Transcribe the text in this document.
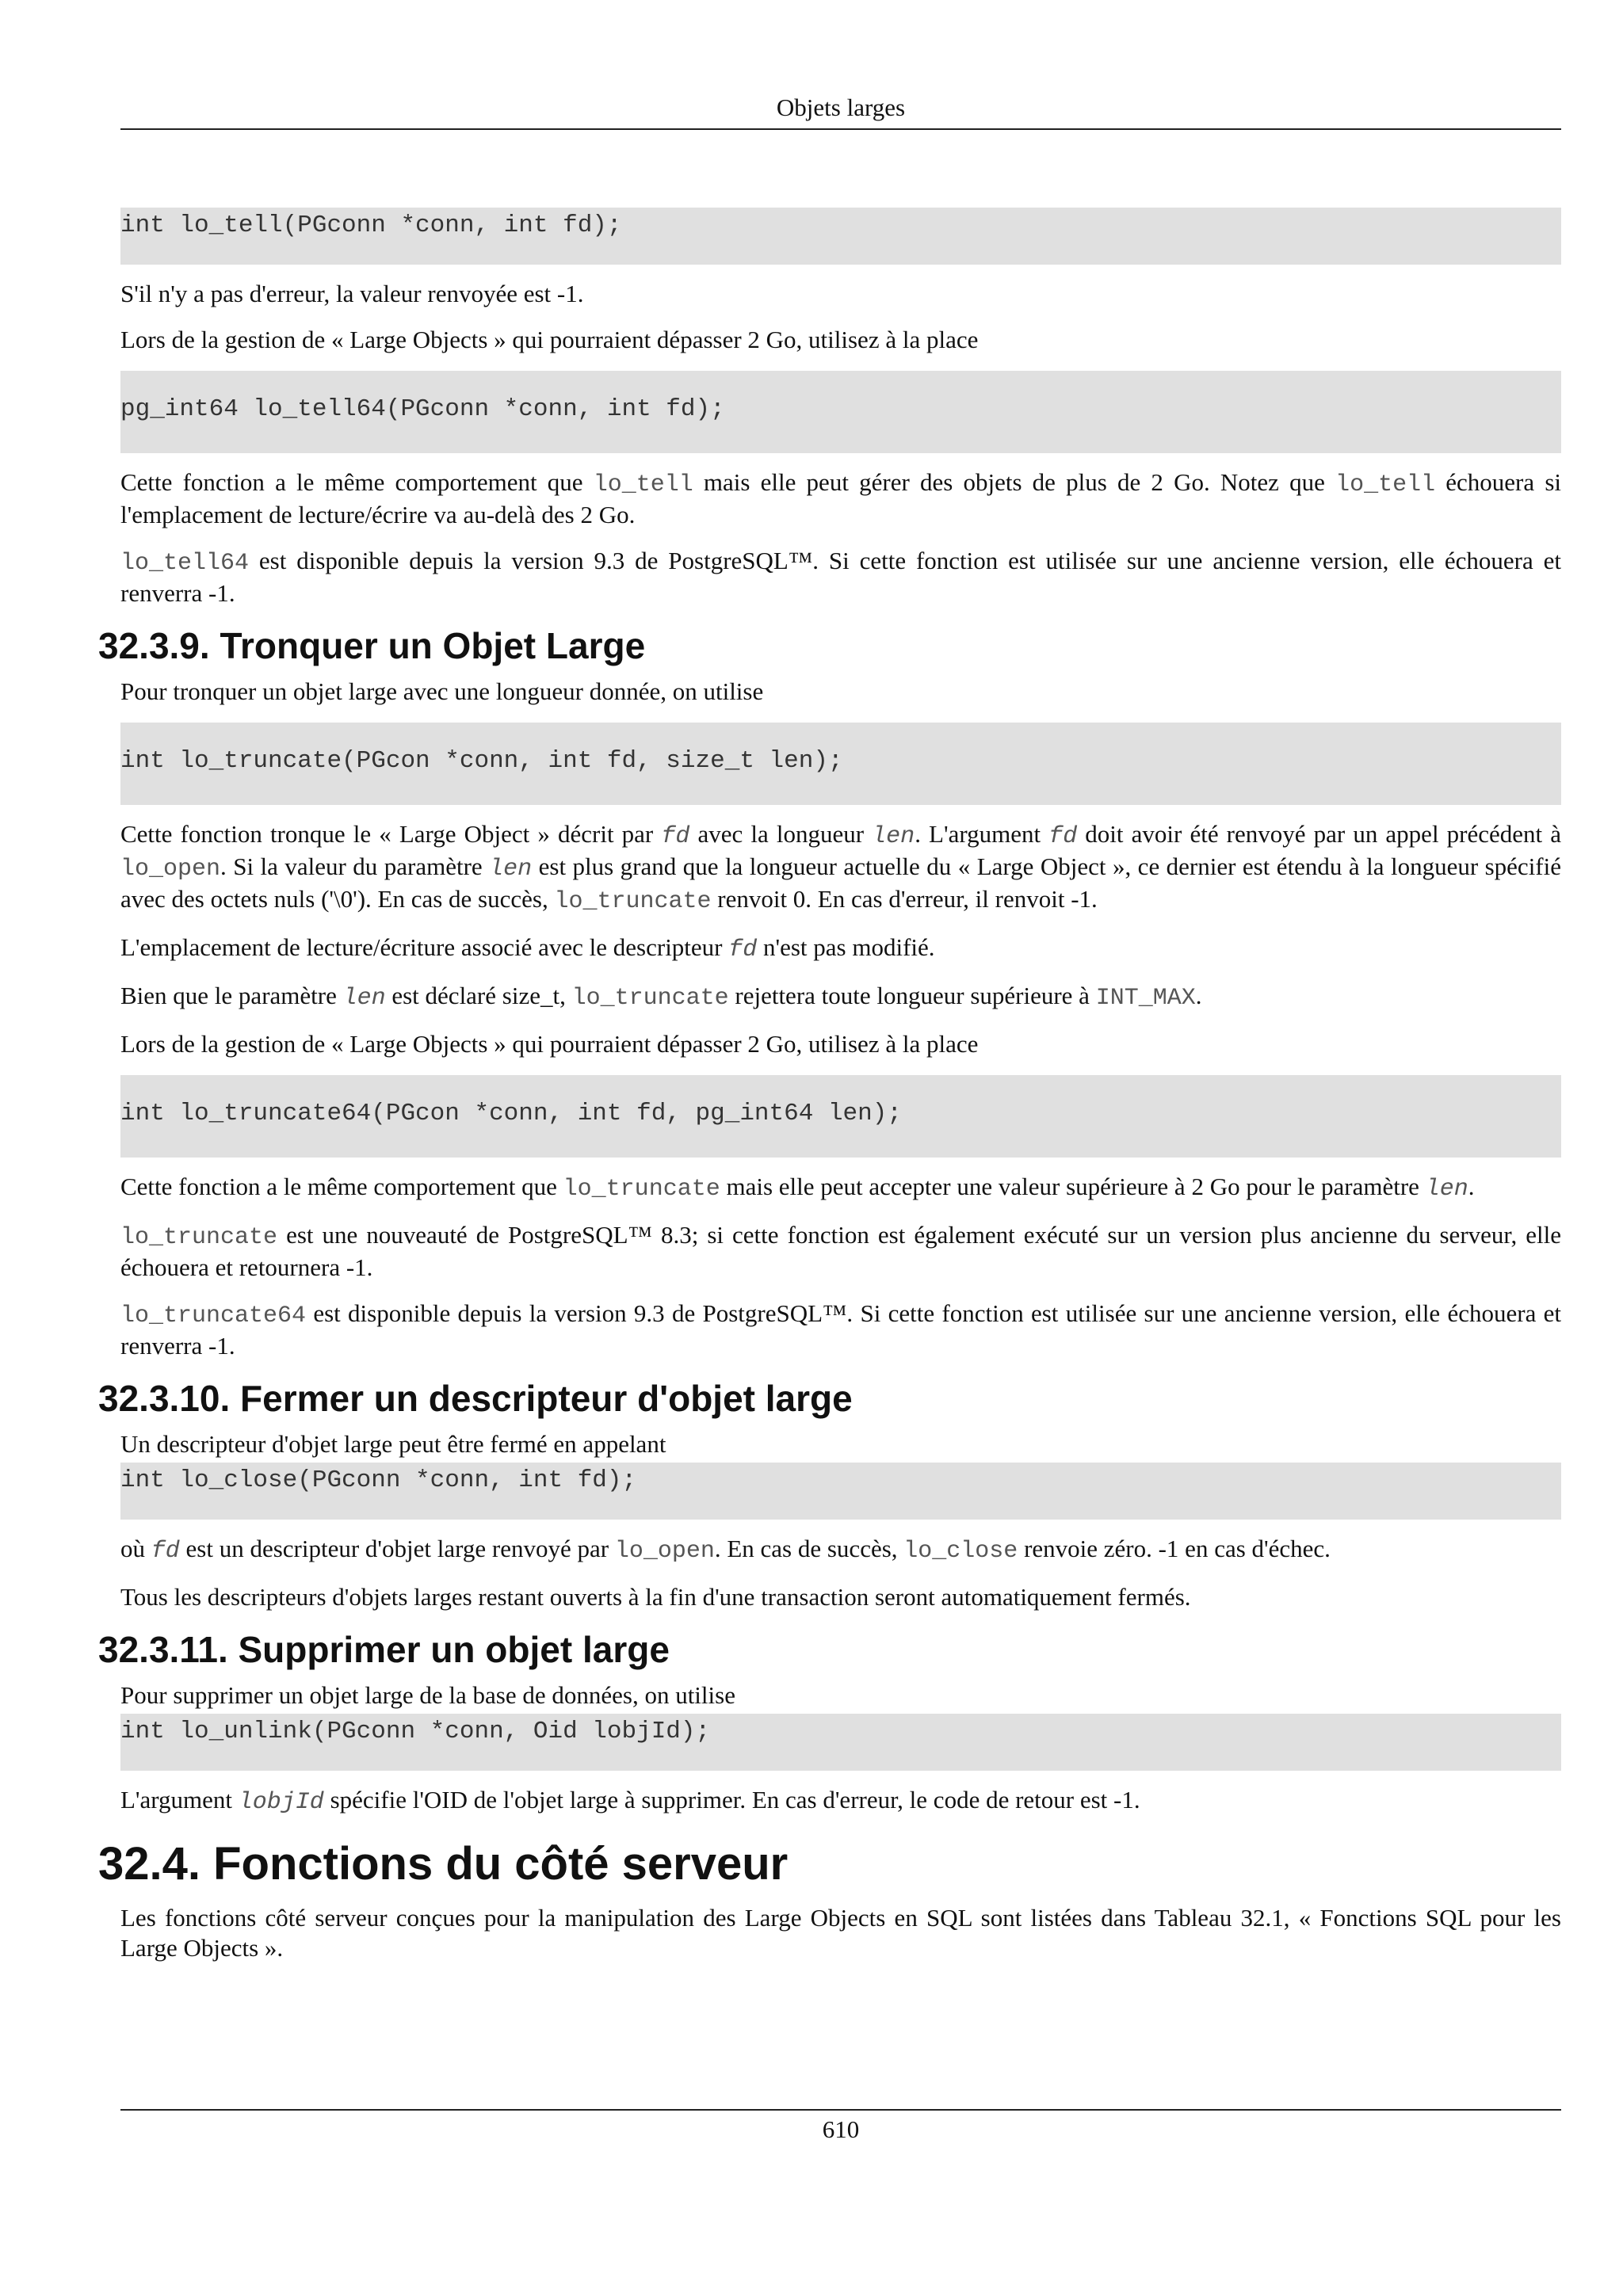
Objets larges
int lo_tell(PGconn *conn, int fd);

S'il n'y a pas d'erreur, la valeur renvoyée est -1.

Lors de la gestion de « Large Objects » qui pourraient dépasser 2 Go, utilisez à la place

pg_int64 lo_tell64(PGconn *conn, int fd);

Cette fonction a le même comportement que lo_tell mais elle peut gérer des objets de plus de 2 Go. Notez que lo_tell échouera si l'emplacement de lecture/écrire va au-delà des 2 Go.

lo_tell64 est disponible depuis la version 9.3 de PostgreSQL™. Si cette fonction est utilisée sur une ancienne version, elle échouera et renverra -1.

32.3.9. Tronquer un Objet Large

Pour tronquer un objet large avec une longueur donnée, on utilise

int lo_truncate(PGcon *conn, int fd, size_t len);

Cette fonction tronque le « Large Object » décrit par fd avec la longueur len. L'argument fd doit avoir été renvoyé par un appel précédent à lo_open. Si la valeur du paramètre len est plus grand que la longueur actuelle du « Large Object », ce dernier est étendu à la longueur spécifié avec des octets nuls ('\0'). En cas de succès, lo_truncate renvoit 0. En cas d'erreur, il renvoit -1.

L'emplacement de lecture/écriture associé avec le descripteur fd n'est pas modifié.

Bien que le paramètre len est déclaré size_t, lo_truncate rejettera toute longueur supérieure à INT_MAX.

Lors de la gestion de « Large Objects » qui pourraient dépasser 2 Go, utilisez à la place

int lo_truncate64(PGcon *conn, int fd, pg_int64 len);

Cette fonction a le même comportement que lo_truncate mais elle peut accepter une valeur supérieure à 2 Go pour le paramètre len.

lo_truncate est une nouveauté de PostgreSQL™ 8.3; si cette fonction est également exécuté sur un version plus ancienne du serveur, elle échouera et retournera -1.

lo_truncate64 est disponible depuis la version 9.3 de PostgreSQL™. Si cette fonction est utilisée sur une ancienne version, elle échouera et renverra -1.

32.3.10. Fermer un descripteur d'objet large

Un descripteur d'objet large peut être fermé en appelant

int lo_close(PGconn *conn, int fd);

où fd est un descripteur d'objet large renvoyé par lo_open. En cas de succès, lo_close renvoie zéro. -1 en cas d'échec.

Tous les descripteurs d'objets larges restant ouverts à la fin d'une transaction seront automatiquement fermés.

32.3.11. Supprimer un objet large

Pour supprimer un objet large de la base de données, on utilise

int lo_unlink(PGconn *conn, Oid lobjId);

L'argument lobjId spécifie l'OID de l'objet large à supprimer. En cas d'erreur, le code de retour est -1.

32.4. Fonctions du côté serveur

Les fonctions côté serveur conçues pour la manipulation des Large Objects en SQL sont listées dans Tableau 32.1, « Fonctions SQL pour les Large Objects ».

610
